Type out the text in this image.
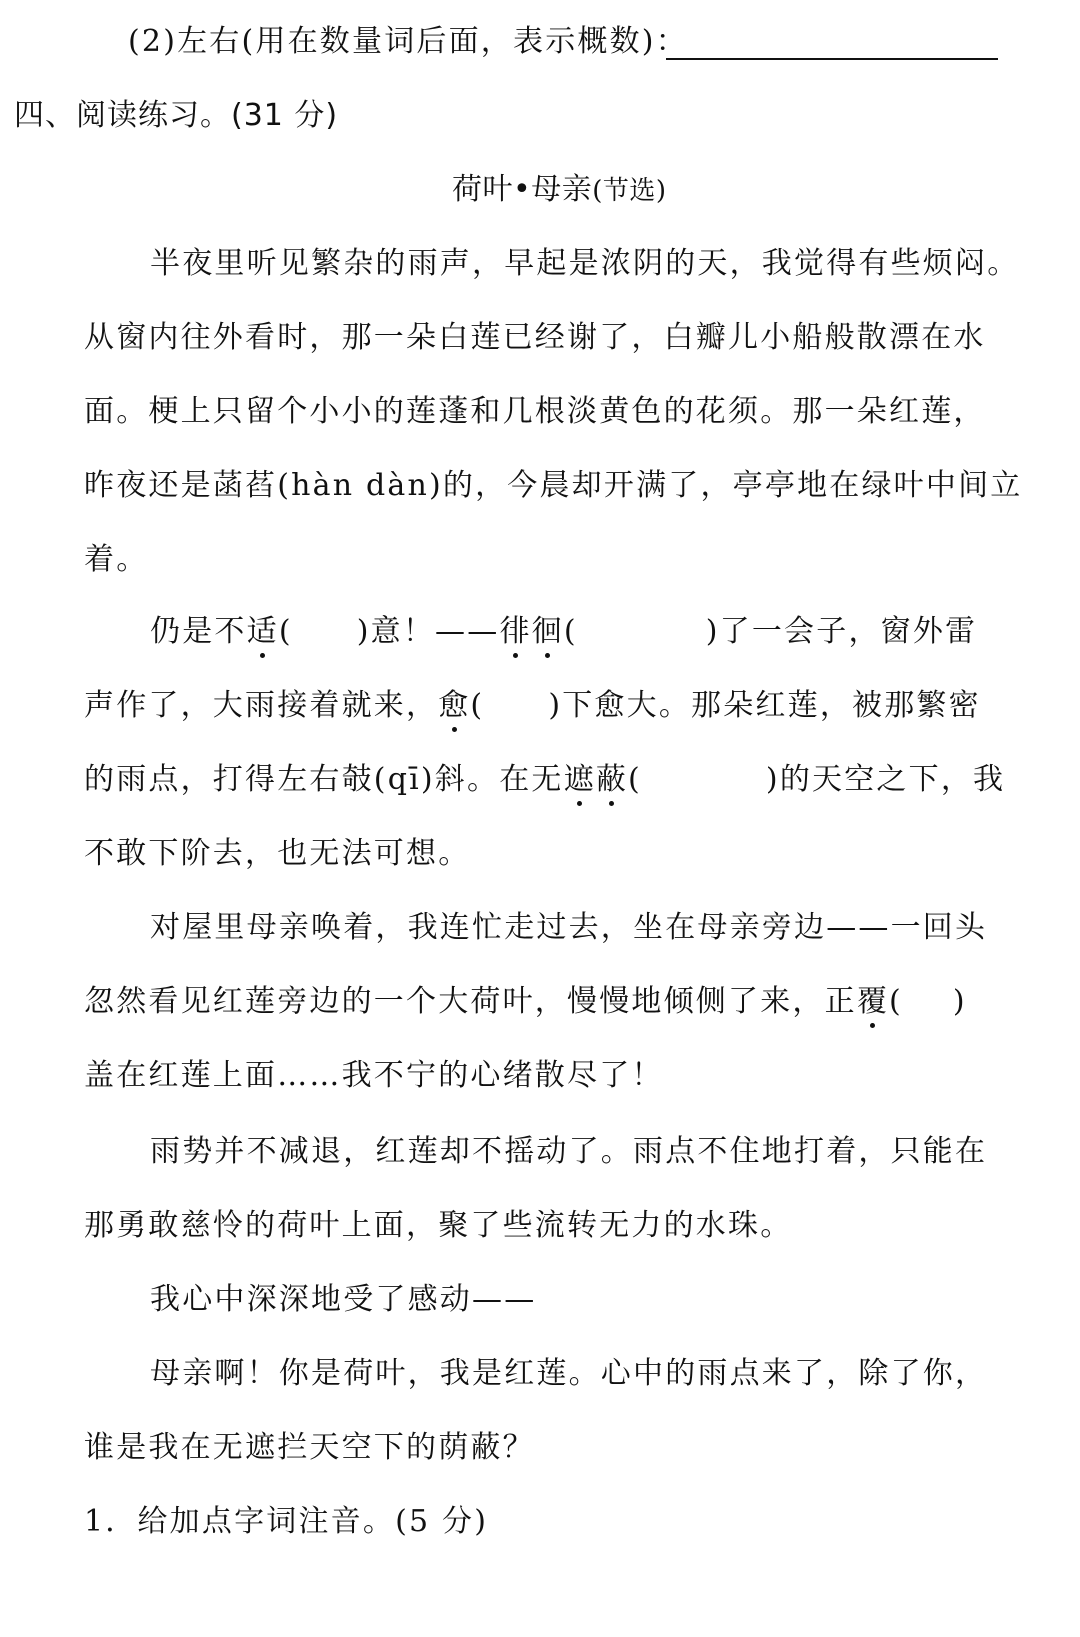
(2)左右(用在数量词后面，表示概数)：
四、阅读练习。(31 分)
荷叶•母亲(节选)
半夜里听见繁杂的雨声，早起是浓阴的天，我觉得有些烦闷。
从窗内往外看时，那一朵白莲已经谢了，白瓣儿小船般散漂在水
面。梗上只留个小小的莲蓬和几根淡黄色的花须。那一朵红莲，
昨夜还是菡萏(hàn dàn)的，今晨却开满了，亭亭地在绿叶中间立
着。
仍是不适( )意！——徘徊(	)了一会子，窗外雷
声作了，大雨接着就来，愈( )下愈大。那朵红莲，被那繁密
的雨点，打得左右攲(qī)斜。在无遮蔽(	)的天空之下，我
不敢下阶去，也无法可想。
对屋里母亲唤着，我连忙走过去，坐在母亲旁边——一回头
忽然看见红莲旁边的一个大荷叶，慢慢地倾侧了来，正覆( )
盖在红莲上面……我不宁的心绪散尽了！
雨势并不减退，红莲却不摇动了。雨点不住地打着，只能在
那勇敢慈怜的荷叶上面，聚了些流转无力的水珠。
我心中深深地受了感动——
母亲啊！你是荷叶，我是红莲。心中的雨点来了，除了你，
谁是我在无遮拦天空下的荫蔽？
1．给加点字词注音。(5 分)
